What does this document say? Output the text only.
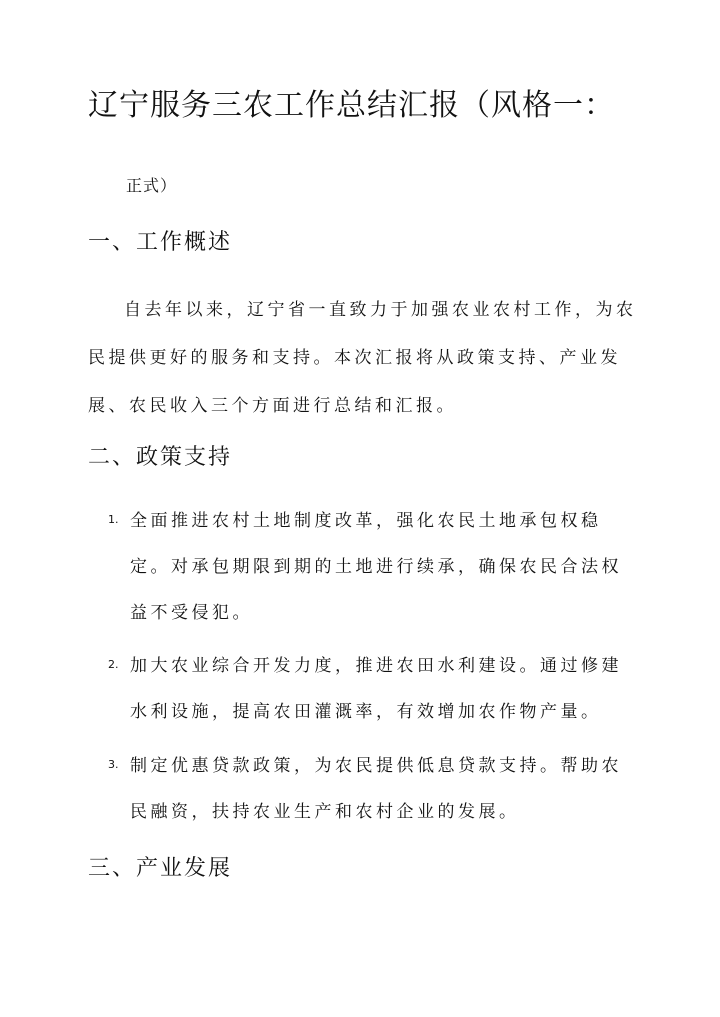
辽宁服务三农工作总结汇报（风格一：

正式）

一、工作概述

自去年以来，辽宁省一直致力于加强农业农村工作，为农民提供更好的服务和支持。本次汇报将从政策支持、产业发展、农民收入三个方面进行总结和汇报。

二、政策支持
1. 全面推进农村土地制度改革，强化农民土地承包权稳定。对承包期限到期的土地进行续承，确保农民合法权益不受侵犯。
2. 加大农业综合开发力度，推进农田水利建设。通过修建水利设施，提高农田灌溉率，有效增加农作物产量。
3. 制定优惠贷款政策，为农民提供低息贷款支持。帮助农民融资，扶持农业生产和农村企业的发展。
三、产业发展
